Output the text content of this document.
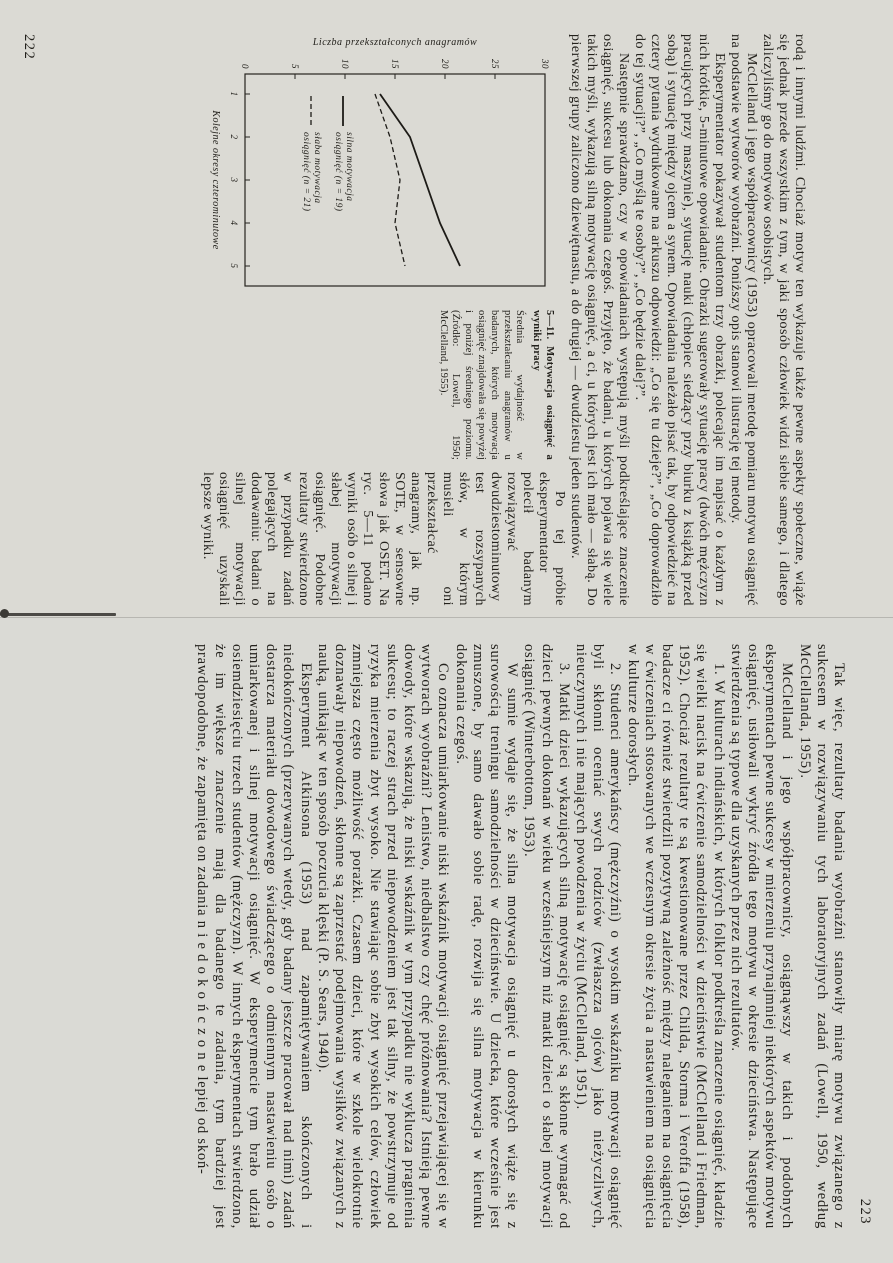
rodą i innymi ludźmi. Chociaż motyw ten wykazuje także pewne aspekty społeczne, wiąże się jednak przede wszystkim z tym, w jaki sposób człowiek widzi siebie samego, i dlatego zaliczyliśmy go do motywów osobistych.

McClelland i jego współpracownicy (1953) opracowali metodę pomiaru motywu osiągnięć na podstawie wytworów wyobraźni. Poniższy opis stanowi ilustrację tej metody.

Eksperymentator pokazywał studentom trzy obrazki, polecając im napisać o każdym z nich krótkie, 5-minutowe opowiadanie. Obrazki sugerowały sytuację pracy (dwóch mężczyzn pracujących przy maszynie), sytuację nauki (chłopiec siedzący przy biurku z książką przed sobą) i sytuację między ojcem a synem. Opowiadania należało pisać tak, by odpowiedzieć na cztery pytania wydrukowane na arkuszu odpowiedzi: „Co się tu dzieje?”, „Co doprowadziło do tej sytuacji?”, „Co myślą te osoby?”, „Co będzie dalej?”.

Następnie sprawdzano, czy w opowiadaniach występują myśli podkreślające znaczenie osiągnięć, sukcesu lub dokonania czegoś. Przyjęto, że badani, u których pojawia się wiele takich myśli, wykazują silną motywację osiągnięć, a ci, u których jest ich mało — słabą. Do pierwszej grupy zaliczono dziewiętnastu, a do drugiej — dwudziestu jeden studentów.

0	5	10	15	20	25	30
1
2
3
4
5
silna motywacjaosiągnięć (n = 19)
słaba motywacjaosiągnięć (n = 21)
Kolejne okresy czterominutowe
Liczba przekształconych anagramów

5—11. Motywacja osiągnięć a wyniki pracy

Średnia wydajność w przekształcaniu anagramów u badanych, których motywacja osiągnięć znajdowała się powyżej i poniżej średniego poziomu. (Źródło: Lowell, 1950; McClelland, 1955).

Po tej próbie eksperymentator polecił badanym rozwiązywać dwudziestominutowy test rozsypanych słów, w którym musieli oni przekształcać anagramy, jak np. SOTE, w sensowne słowa jak OSET. Na ryc. 5—11 podano wyniki osób o silnej i słabej motywacji osiągnięć. Podobne rezultaty stwierdzono w przypadku zadań polegających na dodawaniu: badani o silnej motywacji osiągnięć uzyskali lepsze wyniki.

222
223

Tak więc, rezultaty badania wyobraźni stanowiły miarę motywu związanego z sukcesem w rozwiązywaniu tych laboratoryjnych zadań (Lowell, 1950, według McClellanda, 1955).

McClelland i jego współpracownicy, osiągnąwszy w takich i podobnych eksperymentach pewne sukcesy w mierzeniu przynajmniej niektórych aspektów motywu osiągnięć, usiłowali wykryć źródła tego motywu w okresie dzieciństwa. Następujące stwierdzenia są typowe dla uzyskanych przez nich rezultatów.

1. W kulturach indiańskich, w których folklor podkreśla znaczenie osiągnięć, kładzie się wielki nacisk na ćwiczenie samodzielności w dzieciństwie (McClelland i Friedman, 1952). Chociaż rezultaty te są kwestionowane przez Childa, Storma i Veroffa (1958), badacze ci również stwierdzili pozytywną zależność między naleganiem na osiągnięcia w ćwiczeniach stosowanych we wczesnym okresie życia a nastawieniem na osiągnięcia w kulturze dorosłych.

2. Studenci amerykańscy (mężczyźni) o wysokim wskaźniku motywacji osiągnięć byli skłonni oceniać swych rodziców (zwłaszcza ojców) jako nieżyczliwych, nieuczynnych i nie mających powodzenia w życiu (McClelland, 1951).

3. Matki dzieci wykazujących silną motywację osiągnięć są skłonne wymagać od dzieci pewnych dokonań w wieku wcześniejszym niż matki dzieci o słabej motywacji osiągnięć (Winterbottom, 1953).

W sumie wydaje się, że silna motywacja osiągnięć u dorosłych wiąże się z surowością treningu samodzielności w dzieciństwie. U dziecka, które wcześnie jest zmuszone, by samo dawało sobie radę, rozwija się silna motywacja w kierunku dokonania czegoś.

Co oznacza umiarkowanie niski wskaźnik motywacji osiągnięć przejawiającej się w wytworach wyobraźni? Lenistwo, niedbalstwo czy chęć próżnowania? Istnieją pewne dowody, które wskazują, że niski wskaźnik w tym przypadku nie wyklucza pragnienia sukcesu; to raczej strach przed niepowodzeniem jest tak silny, że powstrzymuje od ryzyka mierzenia zbyt wysoko. Nie stawiając sobie zbyt wysokich celów, człowiek zmniejsza często możliwość porażki. Czasem dzieci, które w szkole wielokrotnie doznawały niepowodzeń, skłonne są zaprzestać podejmowania wysiłków związanych z nauką, unikając w ten sposób poczucia klęski (P. S. Sears, 1940).

Eksperyment Atkinsona (1953) nad zapamiętywaniem skończonych i niedokończonych (przerywanych wtedy, gdy badany jeszcze pracował nad nimi) zadań dostarcza materiału dowodowego świadczącego o odmiennym nastawieniu osób o umiarkowanej i silnej motywacji osiągnięć. W eksperymencie tym brało udział osiemdziesięciu trzech studentów (mężczyzn). W innych eksperymentach stwierdzono, że im większe znaczenie mają dla badanego te zadania, tym bardziej jest prawdopodobne, że zapamięta on zadania n i e d o k o ń c z o n e lepiej od skoń-
